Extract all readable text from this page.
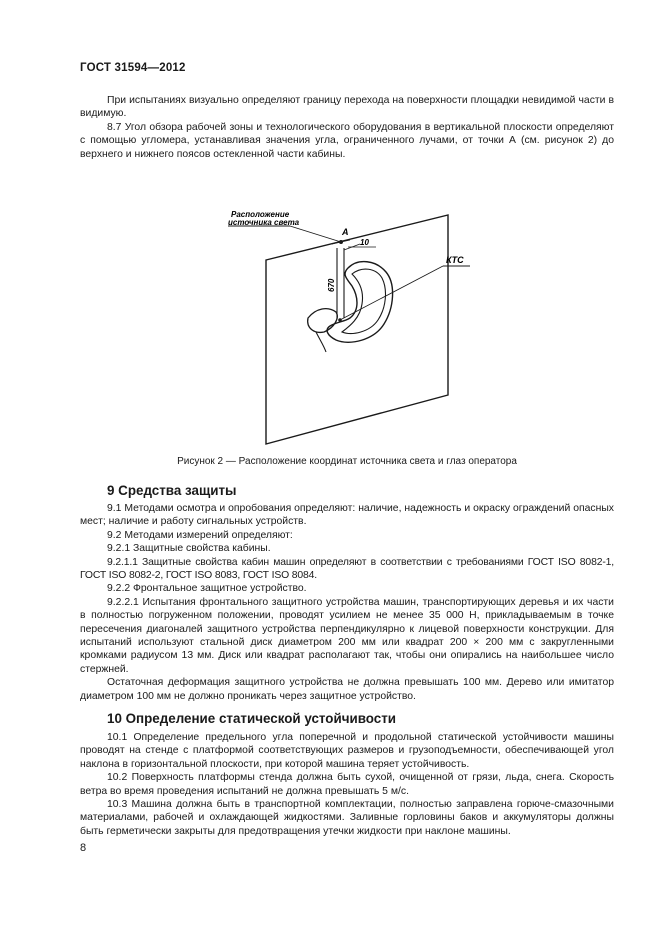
ГОСТ 31594—2012

При испытаниях визуально определяют границу перехода на поверхности площадки невидимой части в видимую.

8.7 Угол обзора рабочей зоны и технологического оборудования в вертикальной плоскости определяют с помощью угломера, устанавливая значения угла, ограниченного лучами, от точки А (см. рисунок 2) до верхнего и нижнего поясов остекленной части кабины.

Расположение
источника света
А
10
670
КТС
Рисунок 2 — Расположение координат источника света и глаз оператора
9 Средства защиты

9.1 Методами осмотра и опробования определяют: наличие, надежность и окраску ограждений опасных мест; наличие и работу сигнальных устройств.

9.2 Методами измерений определяют:

9.2.1 Защитные свойства кабины.

9.2.1.1 Защитные свойства кабин машин определяют в соответствии с требованиями ГОСТ ISO 8082-1, ГОСТ ISO 8082-2, ГОСТ ISO 8083, ГОСТ ISO 8084.

9.2.2 Фронтальное защитное устройство.

9.2.2.1 Испытания фронтального защитного устройства машин, транспортирующих деревья и их части в полностью погруженном положении, проводят усилием не менее 35 000 Н, прикладываемым в точке пересечения диагоналей защитного устройства перпендикулярно к лицевой поверхности конструкции. Для испытаний используют стальной диск диаметром 200 мм или квадрат 200 × 200 мм с закругленными кромками радиусом 13 мм. Диск или квадрат располагают так, чтобы они опирались на наибольшее число стержней.

Остаточная деформация защитного устройства не должна превышать 100 мм. Дерево или имитатор диаметром 100 мм не должно проникать через защитное устройство.

10 Определение статической устойчивости

10.1 Определение предельного угла поперечной и продольной статической устойчивости машины проводят на стенде с платформой соответствующих размеров и грузоподъемности, обеспечивающей угол наклона в горизонтальной плоскости, при которой машина теряет устойчивость.

10.2 Поверхность платформы стенда должна быть сухой, очищенной от грязи, льда, снега. Скорость ветра во время проведения испытаний не должна превышать 5 м/с.

10.3 Машина должна быть в транспортной комплектации, полностью заправлена горюче-смазочными материалами, рабочей и охлаждающей жидкостями. Заливные горловины баков и аккумуляторы должны быть герметически закрыты для предотвращения утечки жидкости при наклоне машины.

8
